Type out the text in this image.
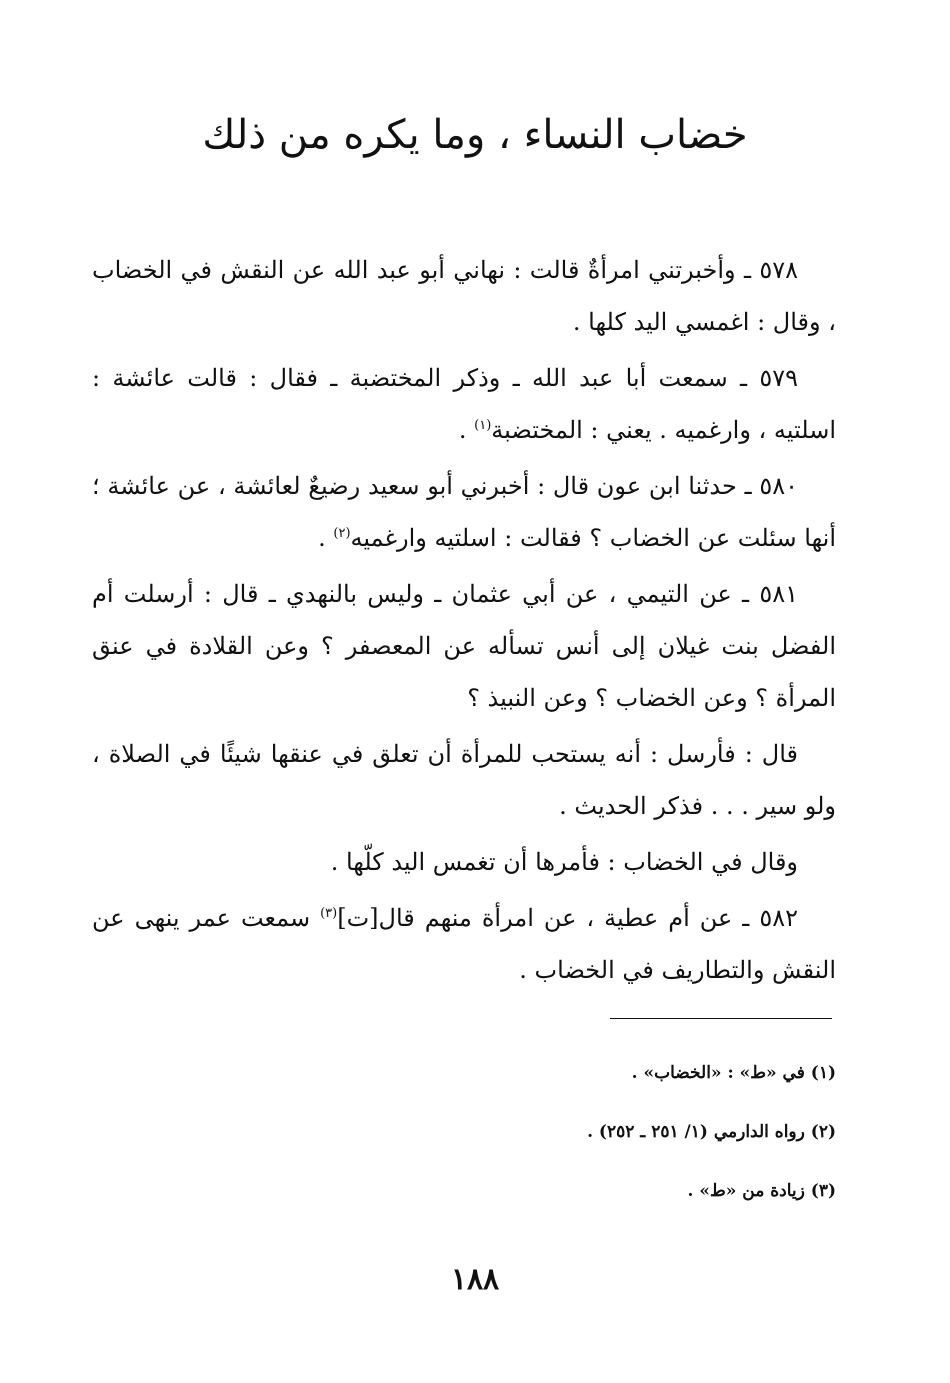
خضاب النساء ، وما يكره من ذلك

٥٧٨ ـ وأخبرتني امرأةٌ قالت : نهاني أبو عبد الله عن النقش في الخضاب ، وقال : اغمسي اليد كلها .

٥٧٩ ـ سمعت أبا عبد الله ـ وذكر المختضبة ـ فقال : قالت عائشة : اسلتيه ، وارغميه . يعني : المختضبة$^{(١)}$ .

٥٨٠ ـ حدثنا ابن عون قال : أخبرني أبو سعيد رضيعٌ لعائشة ، عن عائشة ؛ أنها سئلت عن الخضاب ؟ فقالت : اسلتيه وارغميه$^{(٢)}$ .

٥٨١ ـ عن التيمي ، عن أبي عثمان ـ وليس بالنهدي ـ قال : أرسلت أم الفضل بنت غيلان إلى أنس تسأله عن المعصفر ؟ وعن القلادة في عنق المرأة ؟ وعن الخضاب ؟ وعن النبيذ ؟

قال : فأرسل : أنه يستحب للمرأة أن تعلق في عنقها شيئًا في الصلاة ، ولو سير . . . فذكر الحديث .

وقال في الخضاب : فأمرها أن تغمس اليد كلّها .

٥٨٢ ـ عن أم عطية ، عن امرأة منهم قال[ت]$^{(٣)}$ سمعت عمر ينهى عن النقش والتطاريف في الخضاب .

(١) في «ط» : «الخضاب» .

(٢) رواه الدارمي (١/ ٢٥١ ـ ٢٥٢) .

(٣) زيادة من «ط» .

١٨٨
